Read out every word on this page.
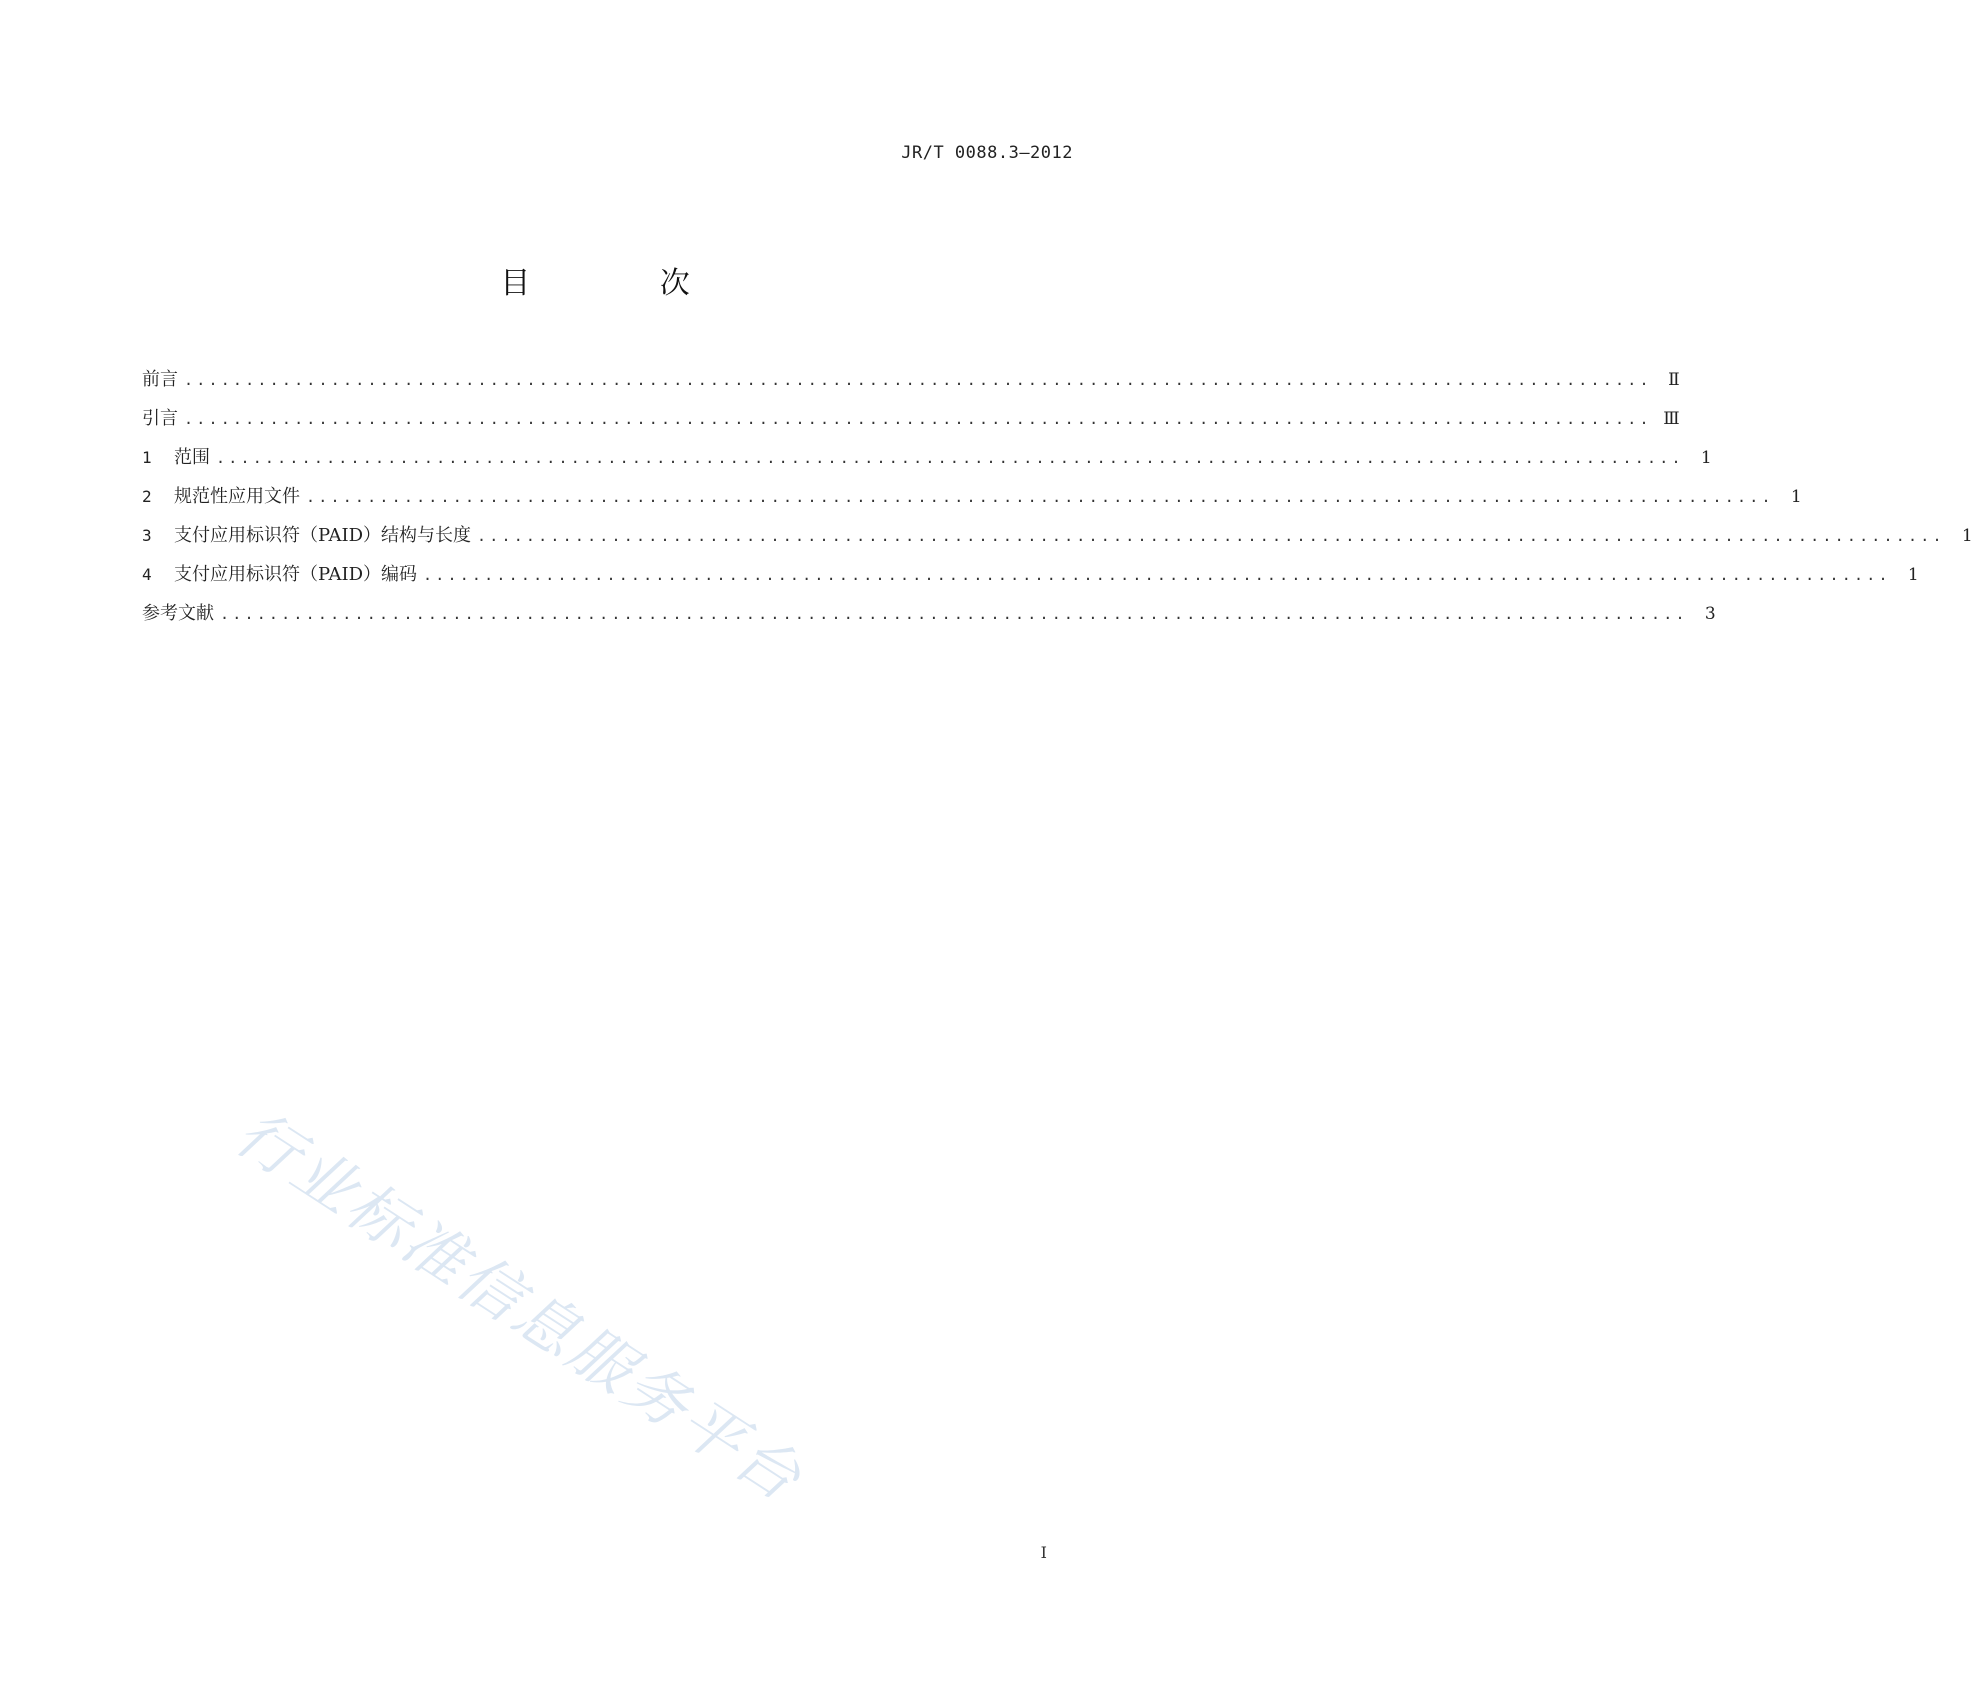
JR/T 0088.3—2012
目 次
前言 ........................................................................................................................ Ⅱ
引言 ........................................................................................................................ Ⅲ
1	范围 ........................................................................................................................	1
2	规范性应用文件 ........................................................................................................................	1
3	支付应用标识符（PAID）结构与长度 ........................................................................................................................	1
4	支付应用标识符（PAID）编码 ........................................................................................................................	1
参考文献 ........................................................................................................................	3
行业标准信息服务平台
I
